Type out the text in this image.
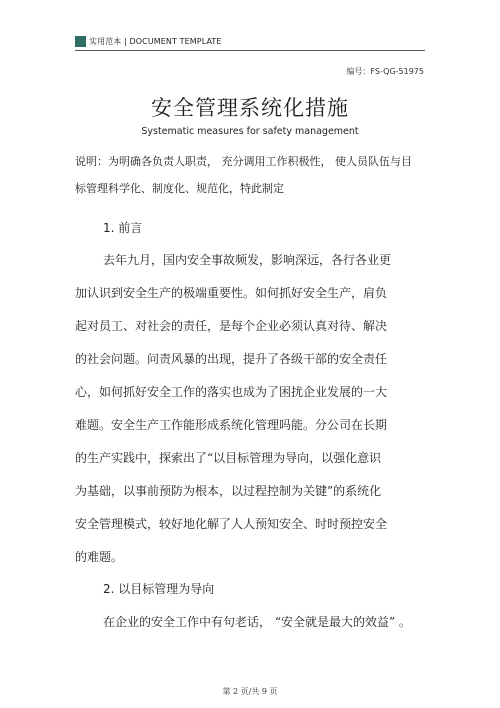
实用范本 | DOCUMENT TEMPLATE
编号：FS-QG-51975
安全管理系统化措施
Systematic measures for safety management
说明：为明确各负责人职责， 充分调用工作积极性， 使人员队伍与目
标管理科学化、制度化、规范化，特此制定
1. 前言
去年九月，国内安全事故频发，影响深远，各行各业更
加认识到安全生产的极端重要性。如何抓好安全生产，肩负
起对员工、对社会的责任，是每个企业必须认真对待、解决
的社会问题。问责风暴的出现，提升了各级干部的安全责任
心，如何抓好安全工作的落实也成为了困扰企业发展的一大
难题。安全生产工作能形成系统化管理吗能。分公司在长期
的生产实践中，探索出了“以目标管理为导向，以强化意识
为基础，以事前预防为根本，以过程控制为关键”的系统化
安全管理模式，较好地化解了人人预知安全、时时预控安全
的难题。
2. 以目标管理为导向
在企业的安全工作中有句老话， “安全就是最大的效益” 。
第 2 页/共 9 页
